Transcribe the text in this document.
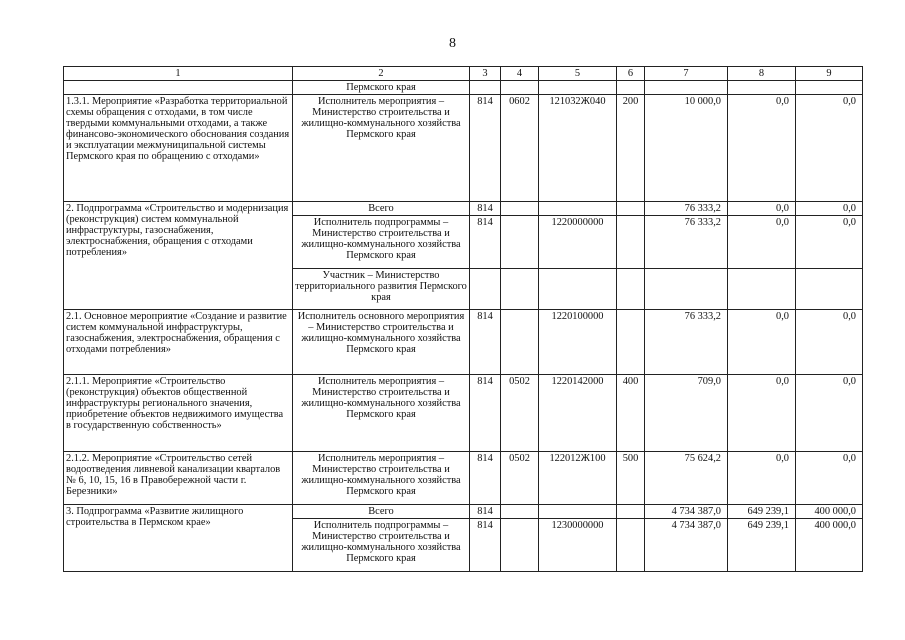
8
1	2	3	4	5	6	7	8	9
	Пермского края							
1.3.1. Мероприятие «Разработка территориальной схемы обращения с отходами, в том числе твердыми коммунальными отходами, а также финансово-экономического обоснования создания и эксплуатации межмуниципальной системы Пермского края по обращению с отходами»	Исполнитель мероприятия – Министерство строительства и жилищно-коммунального хозяйства Пермского края	814	0602	121032Ж040	200	10 000,0	0,0	0,0
2. Подпрограмма «Строительство и модернизация (реконструкция) систем коммунальной инфраструктуры, газоснабжения, электроснабжения, обращения с отходами потребления»	Всего	814				76 333,2	0,0	0,0
	Исполнитель подпрограммы – Министерство строительства и жилищно-коммунального хозяйства Пермского края	814		1220000000		76 333,2	0,0	0,0
	Участник – Министерство территориального развития Пермского края							
2.1. Основное мероприятие «Создание и развитие систем коммунальной инфраструктуры, газоснабжения, электроснабжения, обращения с отходами потребления»	Исполнитель основного мероприятия – Министерство строительства и жилищно-коммунального хозяйства Пермского края	814		1220100000		76 333,2	0,0	0,0
2.1.1. Мероприятие «Строительство (реконструкция) объектов общественной инфраструктуры регионального значения, приобретение объектов недвижимого имущества в государственную собственность»	Исполнитель мероприятия – Министерство строительства и жилищно-коммунального хозяйства Пермского края	814	0502	1220142000	400	709,0	0,0	0,0
2.1.2. Мероприятие «Строительство сетей водоотведения ливневой канализации кварталов № 6, 10, 15, 16 в Правобережной части г. Березники»	Исполнитель мероприятия – Министерство строительства и жилищно-коммунального хозяйства Пермского края	814	0502	122012Ж100	500	75 624,2	0,0	0,0
3. Подпрограмма «Развитие жилищного строительства в Пермском крае»	Всего	814				4 734 387,0	649 239,1	400 000,0
	Исполнитель подпрограммы – Министерство строительства и жилищно-коммунального хозяйства Пермского края	814		1230000000		4 734 387,0	649 239,1	400 000,0
